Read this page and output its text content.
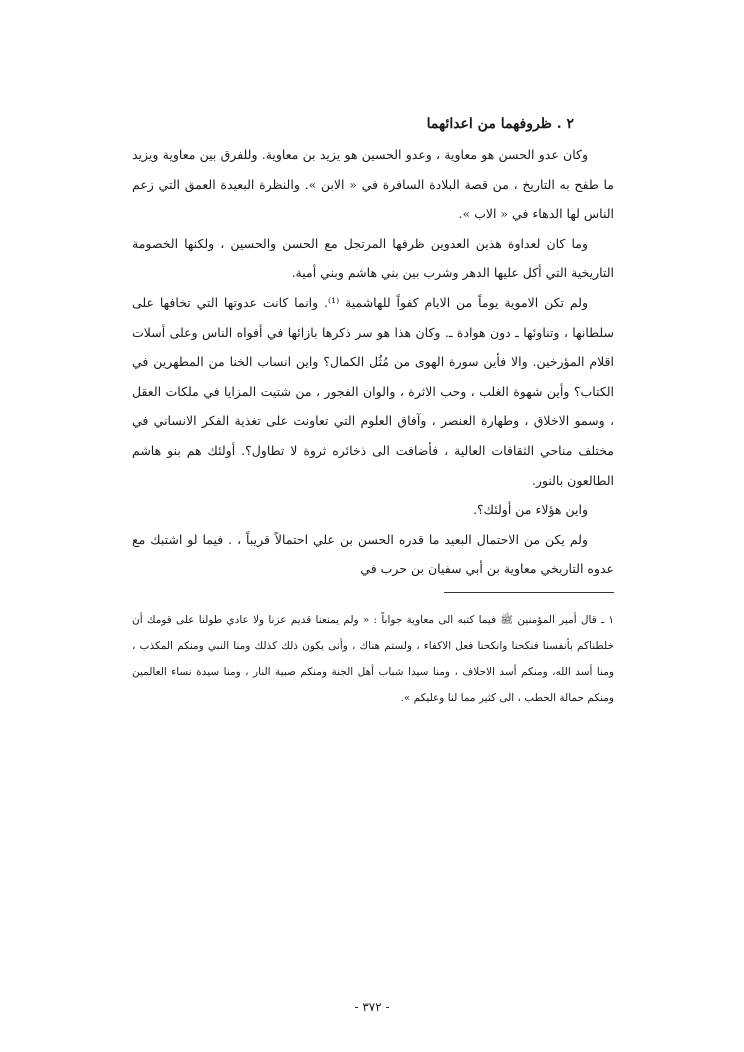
٢ . ظروفهما من اعدائهما

وكان عدو الحسن هو معاوية ، وعدو الحسين هو يزيد بن معاوية. وللفرق بين معاوية ويزيد ما طفح به التاريخ ، من قصة البلادة السافرة في « الابن ». والنظرة البعيدة العمق التي زعم الناس لها الدهاء في « الاب ».

وما كان لعداوة هذين العدوين ظرفها المرتجل مع الحسن والحسين ، ولكنها الخصومة التاريخية التي أكل عليها الدهر وشرب بين بني هاشم وبني أمية.

ولم تكن الاموية يوماً من الايام كفواً للهاشمية ⁽¹⁾. وانما كانت عدوتها التي تخافها على سلطانها ، وتناوئها ـ دون هوادة ـ. وكان هذا هو سر ذكرها بازائها في أفواه الناس وعلى أسلات اقلام المؤرخين. والا فأين سورة الهوى من مُثُل الكمال؟ واين انساب الخنا من المطهرين في الكتاب؟ وأين شهوة الغلب ، وحب الاثرة ، والوان الفجور ، من شتيت المزايا في ملكات العقل ، وسمو الاخلاق ، وطهارة العنصر ، وآفاق العلوم التي تعاونت على تغذية الفكر الانساني في مختلف مناحي الثقافات العالية ، فأضافت الى ذخائره ثروة لا تطاول؟. أولئك هم بنو هاشم الطالعون بالنور.

واين هؤلاء من أولئك؟.

ولم يكن من الاحتمال البعيد ما قدره الحسن بن علي احتمالاً قريباً ، . فيما لو اشتبك مع عدوه التاريخي معاوية بن أبي سفيان بن حرب في

١ ـ قال أمير المؤمنين ﷺ فيما كتبه الى معاوية جواباً : « ولم يمنعنا قديم عزنا ولا عادي طولنا على قومك أن خلطناكم بأنفسنا فنكحنا وانكحنا فعل الاكفاء ، ولستم هناك ، وأنى يكون ذلك كذلك ومنا النبي ومنكم المكذب ، ومنا أسد الله، ومنكم أسد الاحلاف ، ومنا سيدا شباب أهل الجنة ومنكم صبية النار ، ومنا سيدة نساء العالمين ومنكم حمالة الحطب ، الى كثير مما لنا وعليكم ».

- ٣٧٢ -
